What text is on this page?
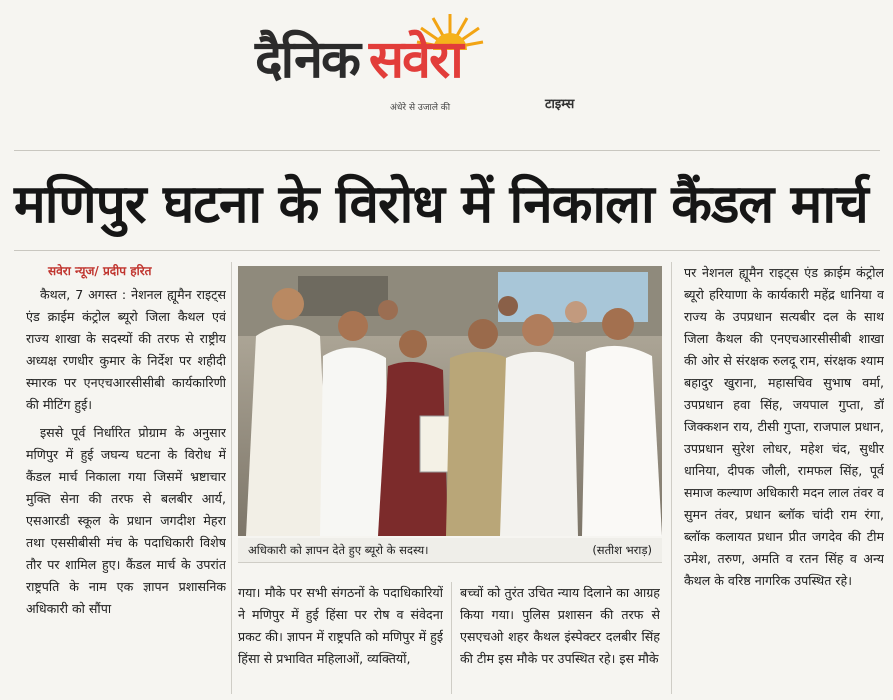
दैनिक सवेरा
अंधेरे से उजाले की	टाइम्स
मणिपुर घटना के विरोध में निकाला कैंडल मार्च
सवेरा न्यूज/ प्रदीप हरित

कैथल, 7 अगस्त : नेशनल ह्यूमैन राइट्स एंड क्राईम कंट्रोल ब्यूरो जिला कैथल एवं राज्य शाखा के सदस्यों की तरफ से राष्ट्रीय अध्यक्ष रणधीर कुमार के निर्देश पर शहीदी स्मारक पर एनएचआरसीसीबी कार्यकारिणी की मीटिंग हुई।

इससे पूर्व निर्धारित प्रोग्राम के अनुसार मणिपुर में हुई जघन्य घटना के विरोध में कैंडल मार्च निकाला गया जिसमें भ्रष्टाचार मुक्ति सेना की तरफ से बलबीर आर्य, एसआरडी स्कूल के प्रधान जगदीश मेहरा तथा एससीबीसी मंच के पदाधिकारी विशेष तौर पर शामिल हुए। कैंडल मार्च के उपरांत राष्ट्रपति के नाम एक ज्ञापन प्रशासनिक अधिकारी को सौंपा

अधिकारी को ज्ञापन देते हुए ब्यूरो के सदस्य।	(सतीश भराड़)

गया। मौके पर सभी संगठनों के पदाधिकारियों ने मणिपुर में हुई हिंसा पर रोष व संवेदना प्रकट की। ज्ञापन में राष्ट्रपति को मणिपुर में हुई हिंसा से प्रभावित महिलाओं, व्यक्तियों,

बच्चों को तुरंत उचित न्याय दिलाने का आग्रह किया गया। पुलिस प्रशासन की तरफ से एसएचओ शहर कैथल इंस्पेक्टर दलबीर सिंह की टीम इस मौके पर उपस्थित रहे। इस मौके

पर नेशनल ह्यूमैन राइट्स एंड क्राईम कंट्रोल ब्यूरो हरियाणा के कार्यकारी महेंद्र धानिया व राज्य के उपप्रधान सत्यबीर दल के साथ जिला कैथल की एनएचआरसीसीबी शाखा की ओर से संरक्षक रुलदू राम, संरक्षक श्याम बहादुर खुराना, महासचिव सुभाष वर्मा, उपप्रधान हवा सिंह, जयपाल गुप्ता, डॉ जिक्कशन राय, टीसी गुप्ता, राजपाल प्रधान, उपप्रधान सुरेश लोधर, महेश चंद, सुधीर धानिया, दीपक जौली, रामफल सिंह, पूर्व समाज कल्याण अधिकारी मदन लाल तंवर व सुमन तंवर, प्रधान ब्लॉक चांदी राम रंगा, ब्लॉक कलायत प्रधान प्रीत जगदेव की टीम उमेश, तरुण, अमति व रतन सिंह व अन्य कैथल के वरिष्ठ नागरिक उपस्थित रहे।
